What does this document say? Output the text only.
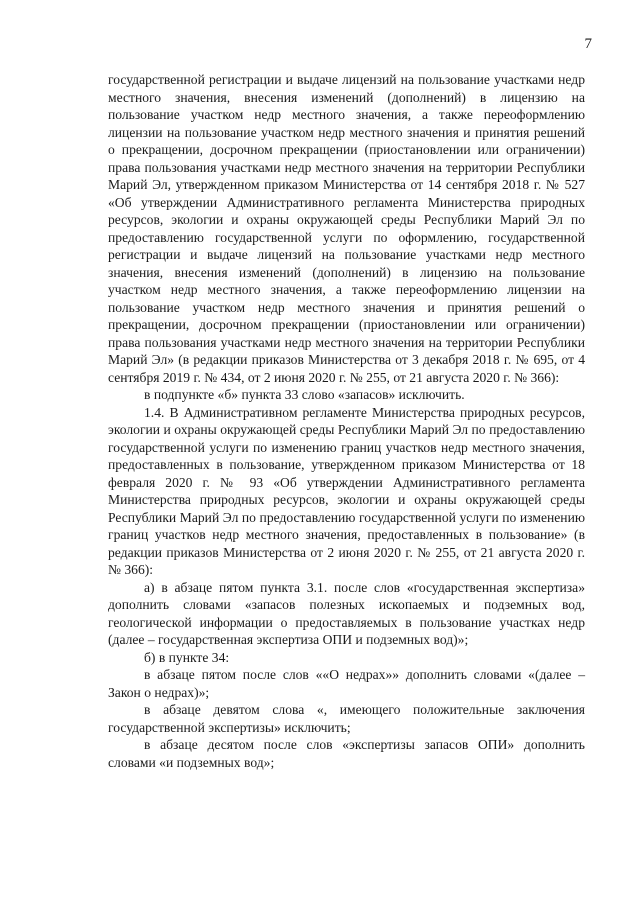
7

государственной регистрации и выдаче лицензий на пользование участками недр местного значения, внесения изменений (дополнений) в лицензию на пользование участком недр местного значения, а также переоформлению лицензии на пользование участком недр местного значения и принятия решений о прекращении, досрочном прекращении (приостановлении или ограничении) права пользования участками недр местного значения на территории Республики Марий Эл, утвержденном приказом Министерства от 14 сентября 2018 г. № 527 «Об утверждении Административного регламента Министерства природных ресурсов, экологии и охраны окружающей среды Республики Марий Эл по предоставлению государственной услуги по оформлению, государственной регистрации и выдаче лицензий на пользование участками недр местного значения, внесения изменений (дополнений) в лицензию на пользование участком недр местного значения, а также переоформлению лицензии на пользование участком недр местного значения и принятия решений о прекращении, досрочном прекращении (приостановлении или ограничении) права пользования участками недр местного значения на территории Республики Марий Эл» (в редакции приказов Министерства от 3 декабря 2018 г. № 695, от 4 сентября 2019 г. № 434, от 2 июня 2020 г. № 255, от 21 августа 2020 г. № 366):

в подпункте «б» пункта 33 слово «запасов» исключить.

1.4. В Административном регламенте Министерства природных ресурсов, экологии и охраны окружающей среды Республики Марий Эл по предоставлению государственной услуги по изменению границ участков недр местного значения, предоставленных в пользование, утвержденном приказом Министерства от 18 февраля 2020 г. № 93 «Об утверждении Административного регламента Министерства природных ресурсов, экологии и охраны окружающей среды Республики Марий Эл по предоставлению государственной услуги по изменению границ участков недр местного значения, предоставленных в пользование» (в редакции приказов Министерства от 2 июня 2020 г. № 255, от 21 августа 2020 г. № 366):

а) в абзаце пятом пункта 3.1. после слов «государственная экспертиза» дополнить словами «запасов полезных ископаемых и подземных вод, геологической информации о предоставляемых в пользование участках недр (далее – государственная экспертиза ОПИ и подземных вод)»;

б) в пункте 34:

в абзаце пятом после слов ««О недрах»» дополнить словами «(далее – Закон о недрах)»;

в абзаце девятом слова «, имеющего положительные заключения государственной экспертизы» исключить;

в абзаце десятом после слов «экспертизы запасов ОПИ» дополнить словами «и подземных вод»;
